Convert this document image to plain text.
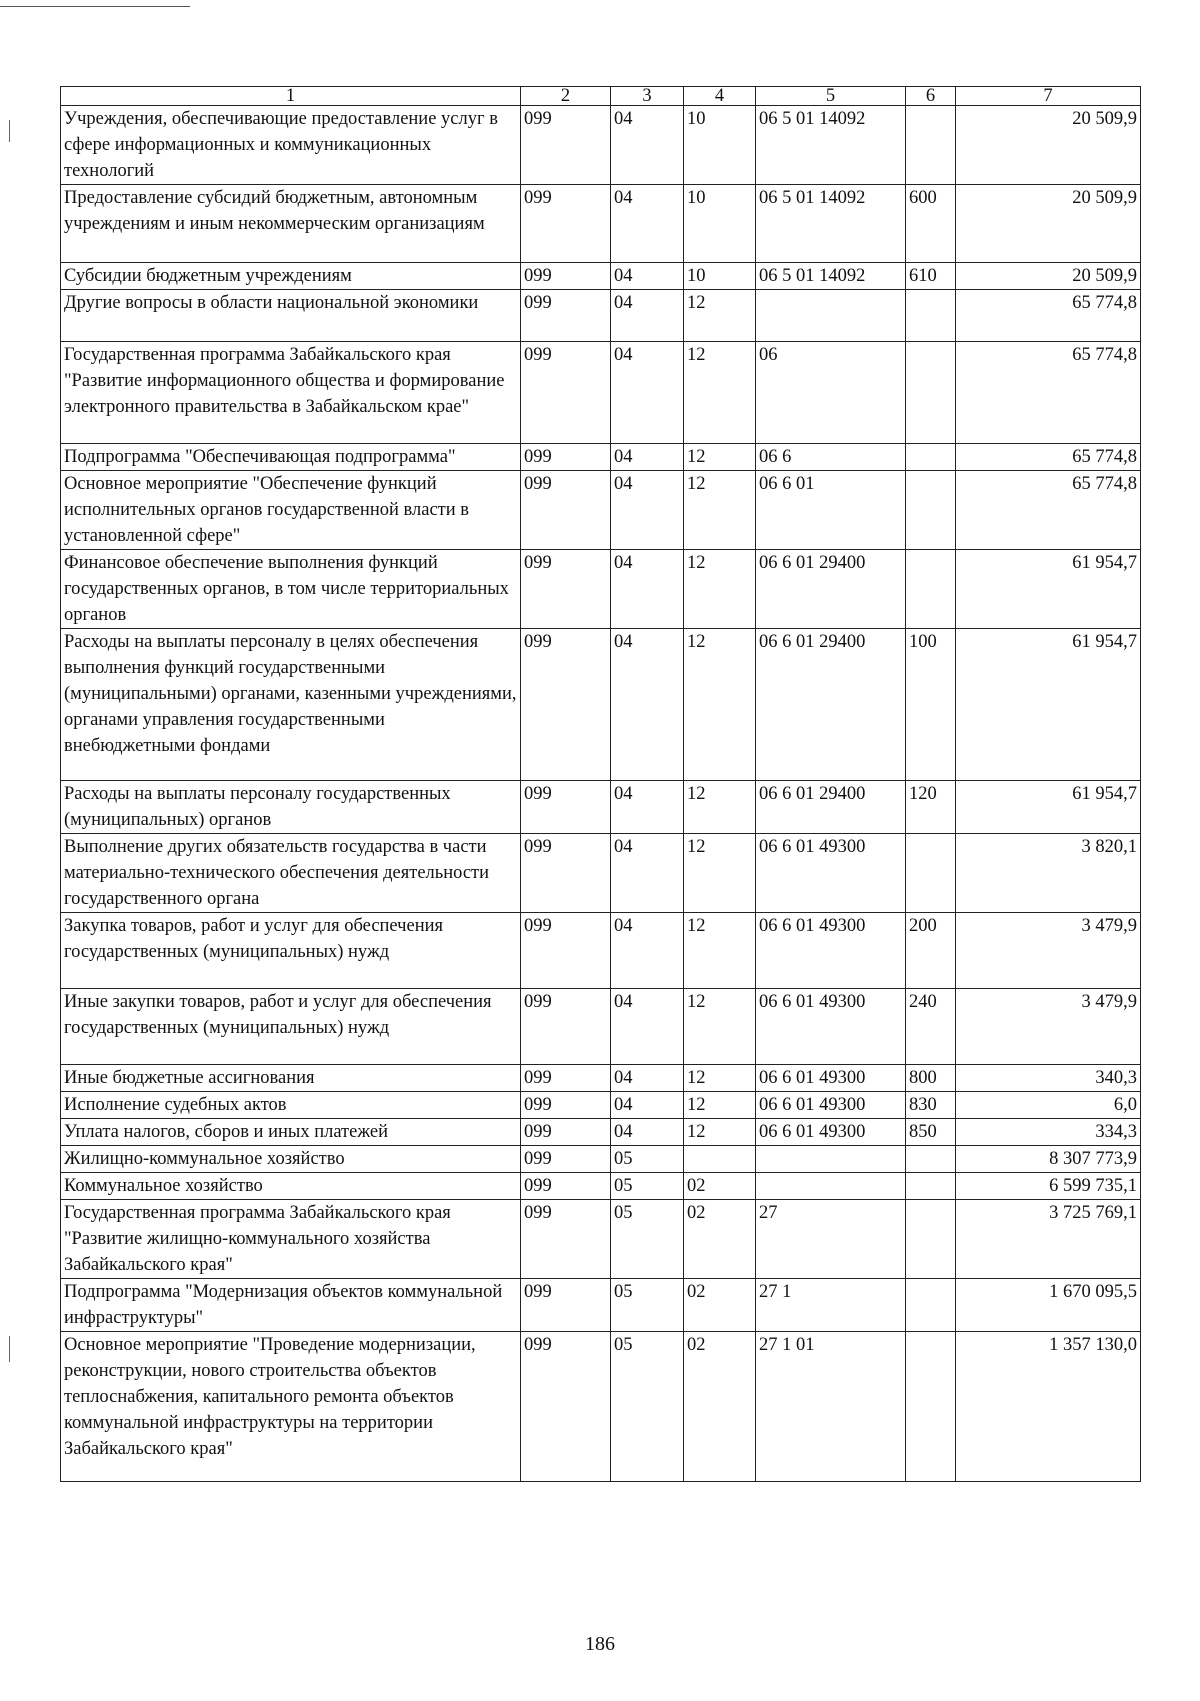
1	2	3	4	5	6	7
Учреждения, обеспечивающие предоставление услуг в сфере информационных и коммуникационных технологий	099	04	10	06 5 01 14092		20 509,9
Предоставление субсидий бюджетным, автономным учреждениям и иным некоммерческим организациям	099	04	10	06 5 01 14092	600	20 509,9
Субсидии бюджетным учреждениям	099	04	10	06 5 01 14092	610	20 509,9
Другие вопросы в области национальной экономики	099	04	12			65 774,8
Государственная программа Забайкальского края "Развитие информационного общества и формирование электронного правительства в Забайкальском крае"	099	04	12	06		65 774,8
Подпрограмма "Обеспечивающая подпрограмма"	099	04	12	06 6		65 774,8
Основное мероприятие "Обеспечение функций исполнительных органов государственной власти в установленной сфере"	099	04	12	06 6 01		65 774,8
Финансовое обеспечение выполнения функций государственных органов, в том числе территориальных органов	099	04	12	06 6 01 29400		61 954,7
Расходы на выплаты персоналу в целях обеспечения выполнения функций государственными (муниципальными) органами, казенными учреждениями, органами управления государственными внебюджетными фондами	099	04	12	06 6 01 29400	100	61 954,7
Расходы на выплаты персоналу государственных (муниципальных) органов	099	04	12	06 6 01 29400	120	61 954,7
Выполнение других обязательств государства в части материально-технического обеспечения деятельности государственного органа	099	04	12	06 6 01 49300		3 820,1
Закупка товаров, работ и услуг для обеспечения государственных (муниципальных) нужд	099	04	12	06 6 01 49300	200	3 479,9
Иные закупки товаров, работ и услуг для обеспечения государственных (муниципальных) нужд	099	04	12	06 6 01 49300	240	3 479,9
Иные бюджетные ассигнования	099	04	12	06 6 01 49300	800	340,3
Исполнение судебных актов	099	04	12	06 6 01 49300	830	6,0
Уплата налогов, сборов и иных платежей	099	04	12	06 6 01 49300	850	334,3
Жилищно-коммунальное хозяйство	099	05				8 307 773,9
Коммунальное хозяйство	099	05	02			6 599 735,1
Государственная программа Забайкальского края "Развитие жилищно-коммунального хозяйства Забайкальского края"	099	05	02	27		3 725 769,1
Подпрограмма "Модернизация объектов коммунальной инфраструктуры"	099	05	02	27 1		1 670 095,5
Основное мероприятие "Проведение модернизации, реконструкции, нового строительства объектов теплоснабжения, капитального ремонта объектов коммунальной инфраструктуры на территории Забайкальского края"	099	05	02	27 1 01		1 357 130,0
186
